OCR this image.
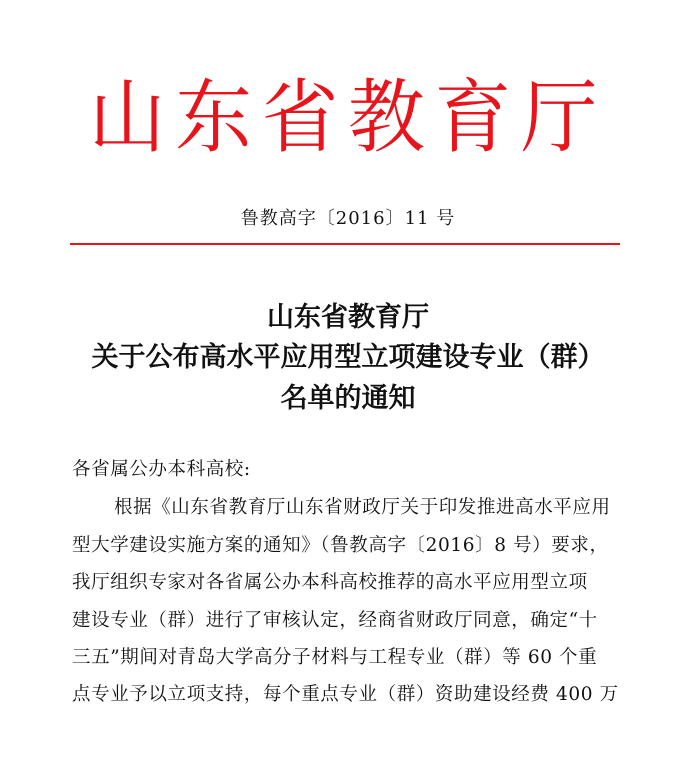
山东省教育厅
鲁教高字〔2016〕11 号
山东省教育厅
关于公布高水平应用型立项建设专业（群）
名单的通知
各省属公办本科高校:
根据《山东省教育厅山东省财政厅关于印发推进高水平应用
型大学建设实施方案的通知》（鲁教高字〔2016〕8 号）要求，
我厅组织专家对各省属公办本科高校推荐的高水平应用型立项
建设专业（群）进行了审核认定，经商省财政厅同意，确定“十
三五”期间对青岛大学高分子材料与工程专业（群）等 60 个重
点专业予以立项支持，每个重点专业（群）资助建设经费 400 万
